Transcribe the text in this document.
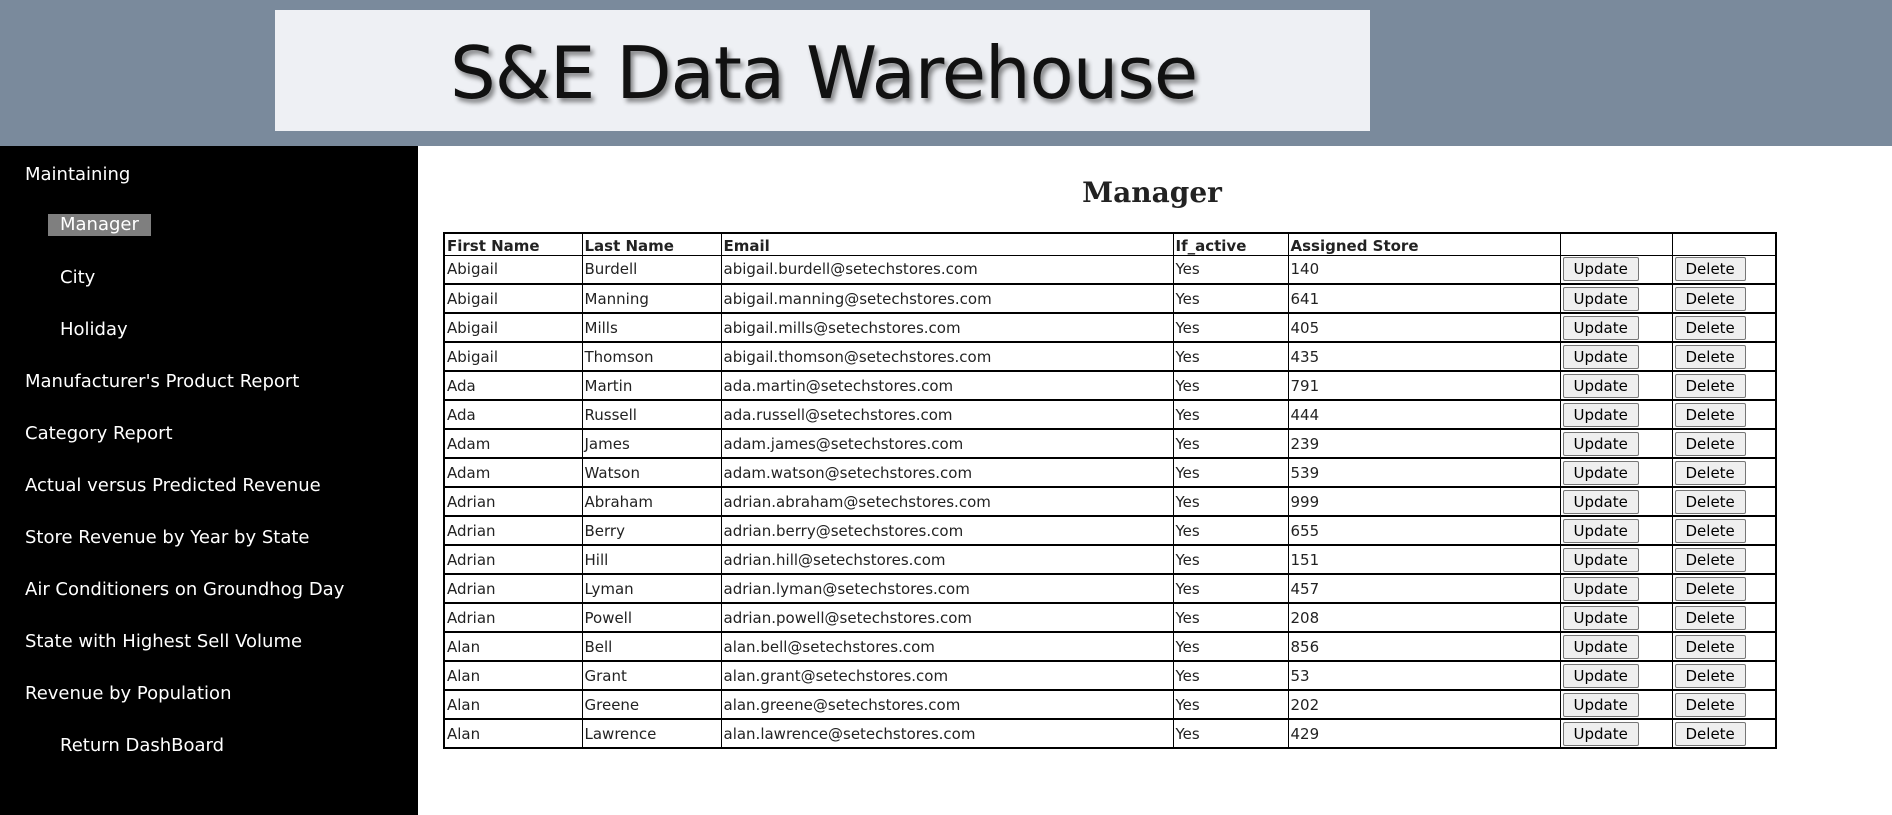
S&E Data Warehouse
Maintaining
Manager
City
Holiday
Manufacturer's Product Report
Category Report
Actual versus Predicted Revenue
Store Revenue by Year by State
Air Conditioners on Groundhog Day
State with Highest Sell Volume
Revenue by Population
Return DashBoard
Manager
First Name	Last Name	Email	If_active	Assigned Store		
Abigail	Burdell	abigail.burdell@setechstores.com	Yes	140	Update	Delete
Abigail	Manning	abigail.manning@setechstores.com	Yes	641	Update	Delete
Abigail	Mills	abigail.mills@setechstores.com	Yes	405	Update	Delete
Abigail	Thomson	abigail.thomson@setechstores.com	Yes	435	Update	Delete
Ada	Martin	ada.martin@setechstores.com	Yes	791	Update	Delete
Ada	Russell	ada.russell@setechstores.com	Yes	444	Update	Delete
Adam	James	adam.james@setechstores.com	Yes	239	Update	Delete
Adam	Watson	adam.watson@setechstores.com	Yes	539	Update	Delete
Adrian	Abraham	adrian.abraham@setechstores.com	Yes	999	Update	Delete
Adrian	Berry	adrian.berry@setechstores.com	Yes	655	Update	Delete
Adrian	Hill	adrian.hill@setechstores.com	Yes	151	Update	Delete
Adrian	Lyman	adrian.lyman@setechstores.com	Yes	457	Update	Delete
Adrian	Powell	adrian.powell@setechstores.com	Yes	208	Update	Delete
Alan	Bell	alan.bell@setechstores.com	Yes	856	Update	Delete
Alan	Grant	alan.grant@setechstores.com	Yes	53	Update	Delete
Alan	Greene	alan.greene@setechstores.com	Yes	202	Update	Delete
Alan	Lawrence	alan.lawrence@setechstores.com	Yes	429	Update	Delete
